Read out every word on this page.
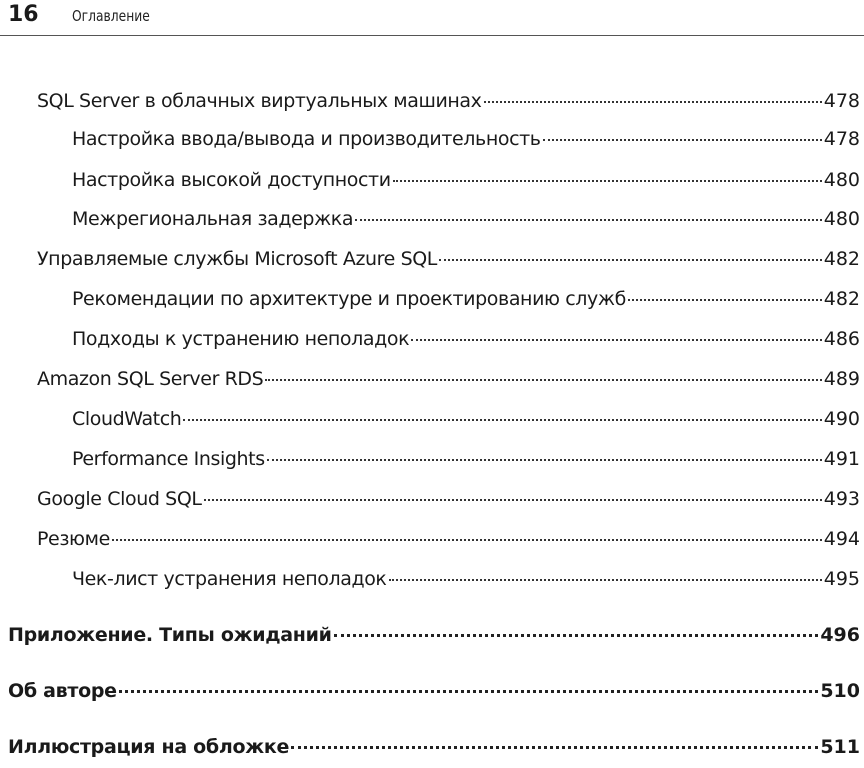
16 Оглавление
SQL Server в облачных виртуальных машинах	478
Настройка ввода/вывода и производительность	478
Настройка высокой доступности	480
Межрегиональная задержка	480
Управляемые службы Microsoft Azure SQL	482
Рекомендации по архитектуре и проектированию служб	482
Подходы к устранению неполадок	486
Amazon SQL Server RDS	489
CloudWatch	490
Performance Insights	491
Google Cloud SQL	493
Резюме	494
Чек-лист устранения неполадок	495
Приложение. Типы ожиданий	496
Об авторе	510
Иллюстрация на обложке	511
